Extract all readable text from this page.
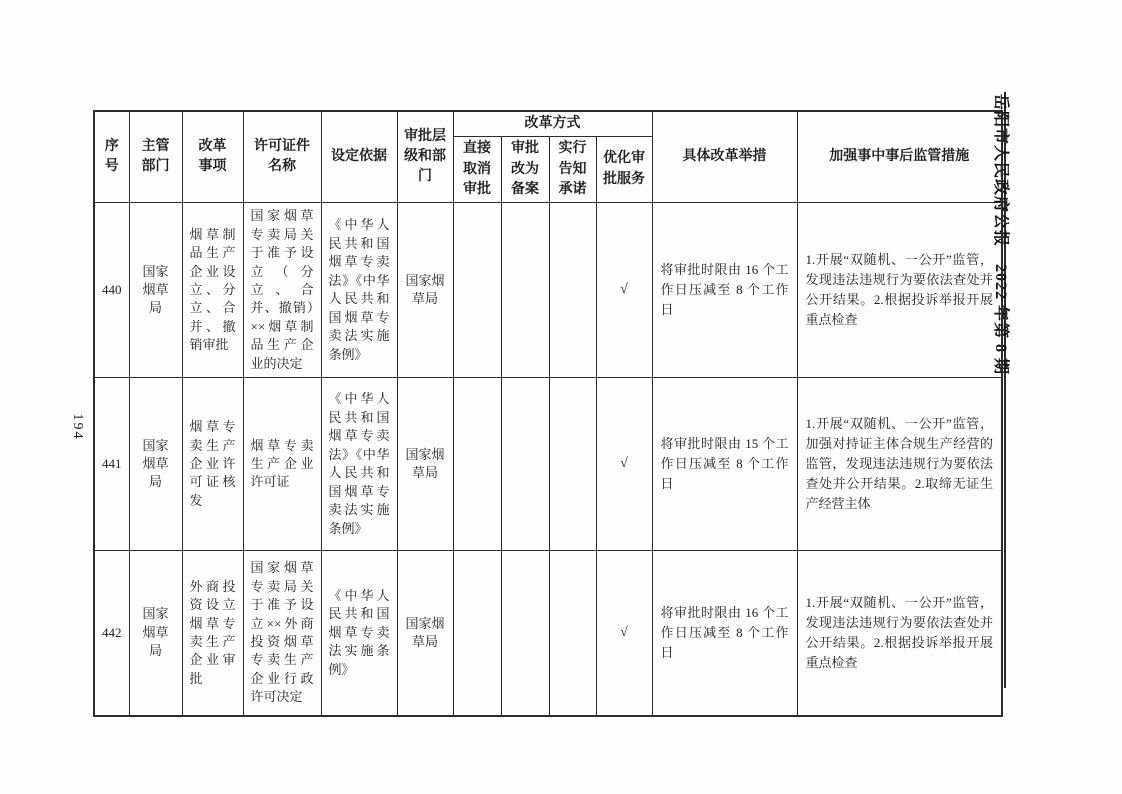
194
岳阳市人民政府公报　2022 年第 8 期
序号	主管部门	改革事项	许可证件名称	设定依据	审批层级和部门	改革方式				具体改革举措	加强事中事后监管措施
						直接取消审批	审批改为备案	实行告知承诺	优化审批服务		
440	国家烟草局	烟草制品生产企业设立、分立、合并、撤销审批	国家烟草专卖局关于准予设立（分立、合并、撤销）××烟草制品生产企业的决定	《中华人民共和国烟草专卖法》《中华人民共和国烟草专卖法实施条例》	国家烟草局				√	将审批时限由 16 个工作日压减至 8 个工作日	1.开展“双随机、一公开”监管，发现违法违规行为要依法查处并公开结果。2.根据投诉举报开展重点检查
441	国家烟草局	烟草专卖生产企业许可证核发	烟草专卖生产企业许可证	《中华人民共和国烟草专卖法》《中华人民共和国烟草专卖法实施条例》	国家烟草局				√	将审批时限由 15 个工作日压减至 8 个工作日	1.开展“双随机、一公开”监管，加强对持证主体合规生产经营的监管，发现违法违规行为要依法查处并公开结果。2.取缔无证生产经营主体
442	国家烟草局	外商投资设立烟草专卖生产企业审批	国家烟草专卖局关于准予设立××外商投资烟草专卖生产企业行政许可决定	《中华人民共和国烟草专卖法实施条例》	国家烟草局				√	将审批时限由 16 个工作日压减至 8 个工作日	1.开展“双随机、一公开”监管，发现违法违规行为要依法查处并公开结果。2.根据投诉举报开展重点检查
